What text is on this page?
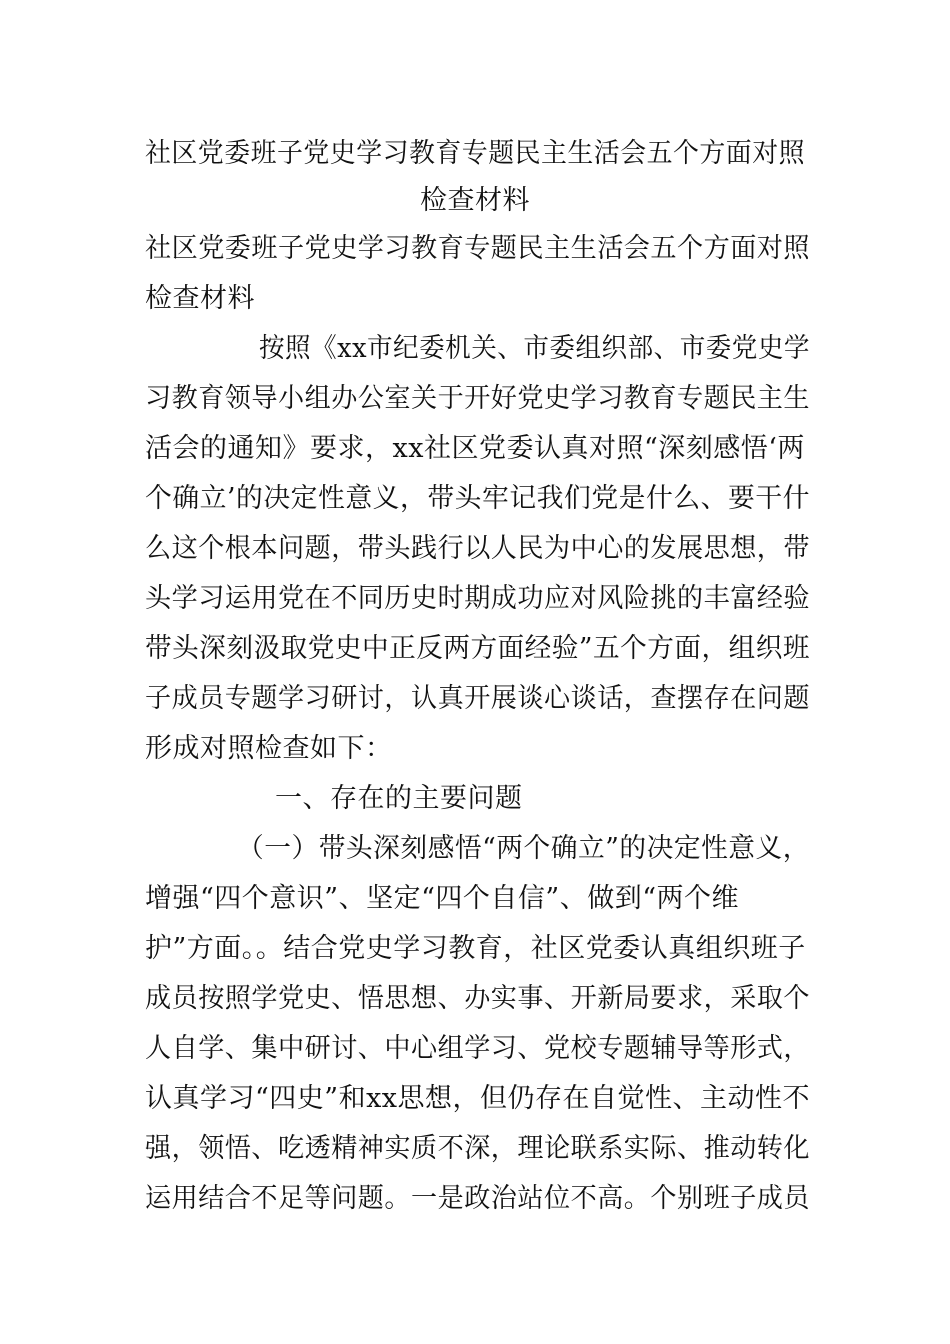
社区党委班子党史学习教育专题民主生活会五个方面对照
检查材料
社区党委班子党史学习教育专题民主生活会五个方面对照
检查材料
按照《xx市纪委机关、市委组织部、市委党史学
习教育领导小组办公室关于开好党史学习教育专题民主生
活会的通知》要求，xx社区党委认真对照“深刻感悟‘两
个确立’的决定性意义，带头牢记我们党是什么、要干什
么这个根本问题，带头践行以人民为中心的发展思想，带
头学习运用党在不同历史时期成功应对风险挑的丰富经验
带头深刻汲取党史中正反两方面经验”五个方面，组织班
子成员专题学习研讨，认真开展谈心谈话，查摆存在问题
形成对照检查如下：
一、存在的主要问题
（一）带头深刻感悟“两个确立”的决定性意义，
增强“四个意识”、坚定“四个自信”、做到“两个维
护”方面。。结合党史学习教育，社区党委认真组织班子
成员按照学党史、悟思想、办实事、开新局要求，采取个
人自学、集中研讨、中心组学习、党校专题辅导等形式，
认真学习“四史”和xx思想，但仍存在自觉性、主动性不
强，领悟、吃透精神实质不深，理论联系实际、推动转化
运用结合不足等问题。一是政治站位不高。个别班子成员
